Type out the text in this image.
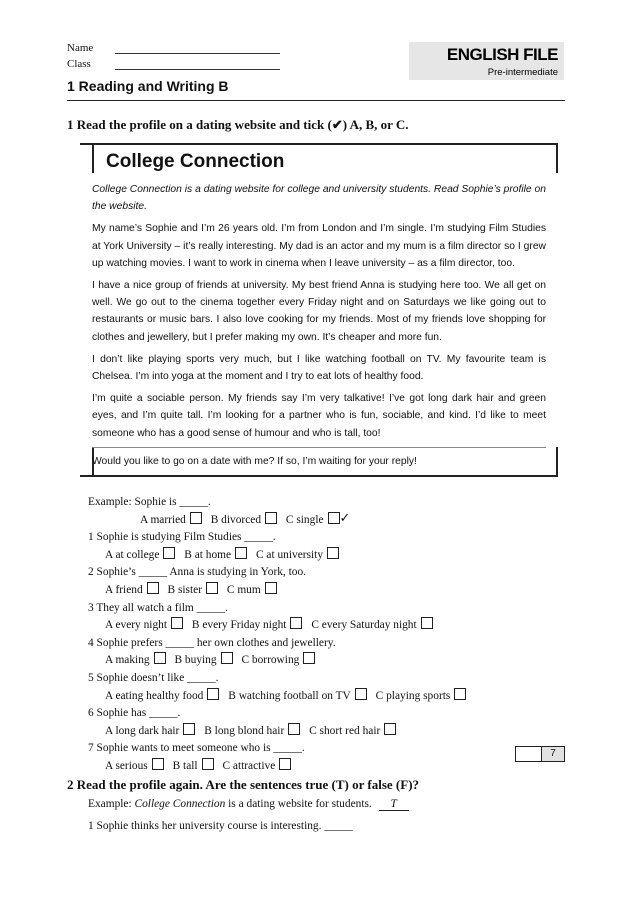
Name
Class	ENGLISH FILE
Pre-intermediate
1 Reading and Writing B
1 Read the profile on a dating website and tick (✔) A, B, or C.
College Connection

College Connection is a dating website for college and university students. Read Sophie’s profile on the website.

My name’s Sophie and I’m 26 years old. I’m from London and I’m single. I’m studying Film Studies at York University – it’s really interesting. My dad is an actor and my mum is a film director so I grew up watching movies. I want to work in cinema when I leave university – as a film director, too.

I have a nice group of friends at university. My best friend Anna is studying here too. We all get on well. We go out to the cinema together every Friday night and on Saturdays we like going out to restaurants or music bars. I also love cooking for my friends. Most of my friends love shopping for clothes and jewellery, but I prefer making my own. It’s cheaper and more fun.

I don’t like playing sports very much, but I like watching football on TV. My favourite team is Chelsea. I’m into yoga at the moment and I try to eat lots of healthy food.

I’m quite a sociable person. My friends say I’m very talkative! I’ve got long dark hair and green eyes, and I’m quite tall. I’m looking for a partner who is fun, sociable, and kind. I’d like to meet someone who has a good sense of humour and who is tall, too!

Would you like to go on a date with me? If so, I’m waiting for your reply!

Example: Sophie is _____.
A married B divorced C single ✓
1 Sophie is studying Film Studies _____.
A at college B at home C at university
2 Sophie’s _____ Anna is studying in York, too.
A friend B sister C mum
3 They all watch a film _____.
A every night B every Friday night C every Saturday night
4 Sophie prefers _____ her own clothes and jewellery.
A making B buying C borrowing
5 Sophie doesn’t like _____.
A eating healthy food B watching football on TV C playing sports
6 Sophie has _____.
A long dark hair B long blond hair C short red hair
7 Sophie wants to meet someone who is _____.
A serious B tall C attractive
7
2 Read the profile again. Are the sentences true (T) or false (F)?
Example: College Connection is a dating website for students. T
1 Sophie thinks her university course is interesting. _____
